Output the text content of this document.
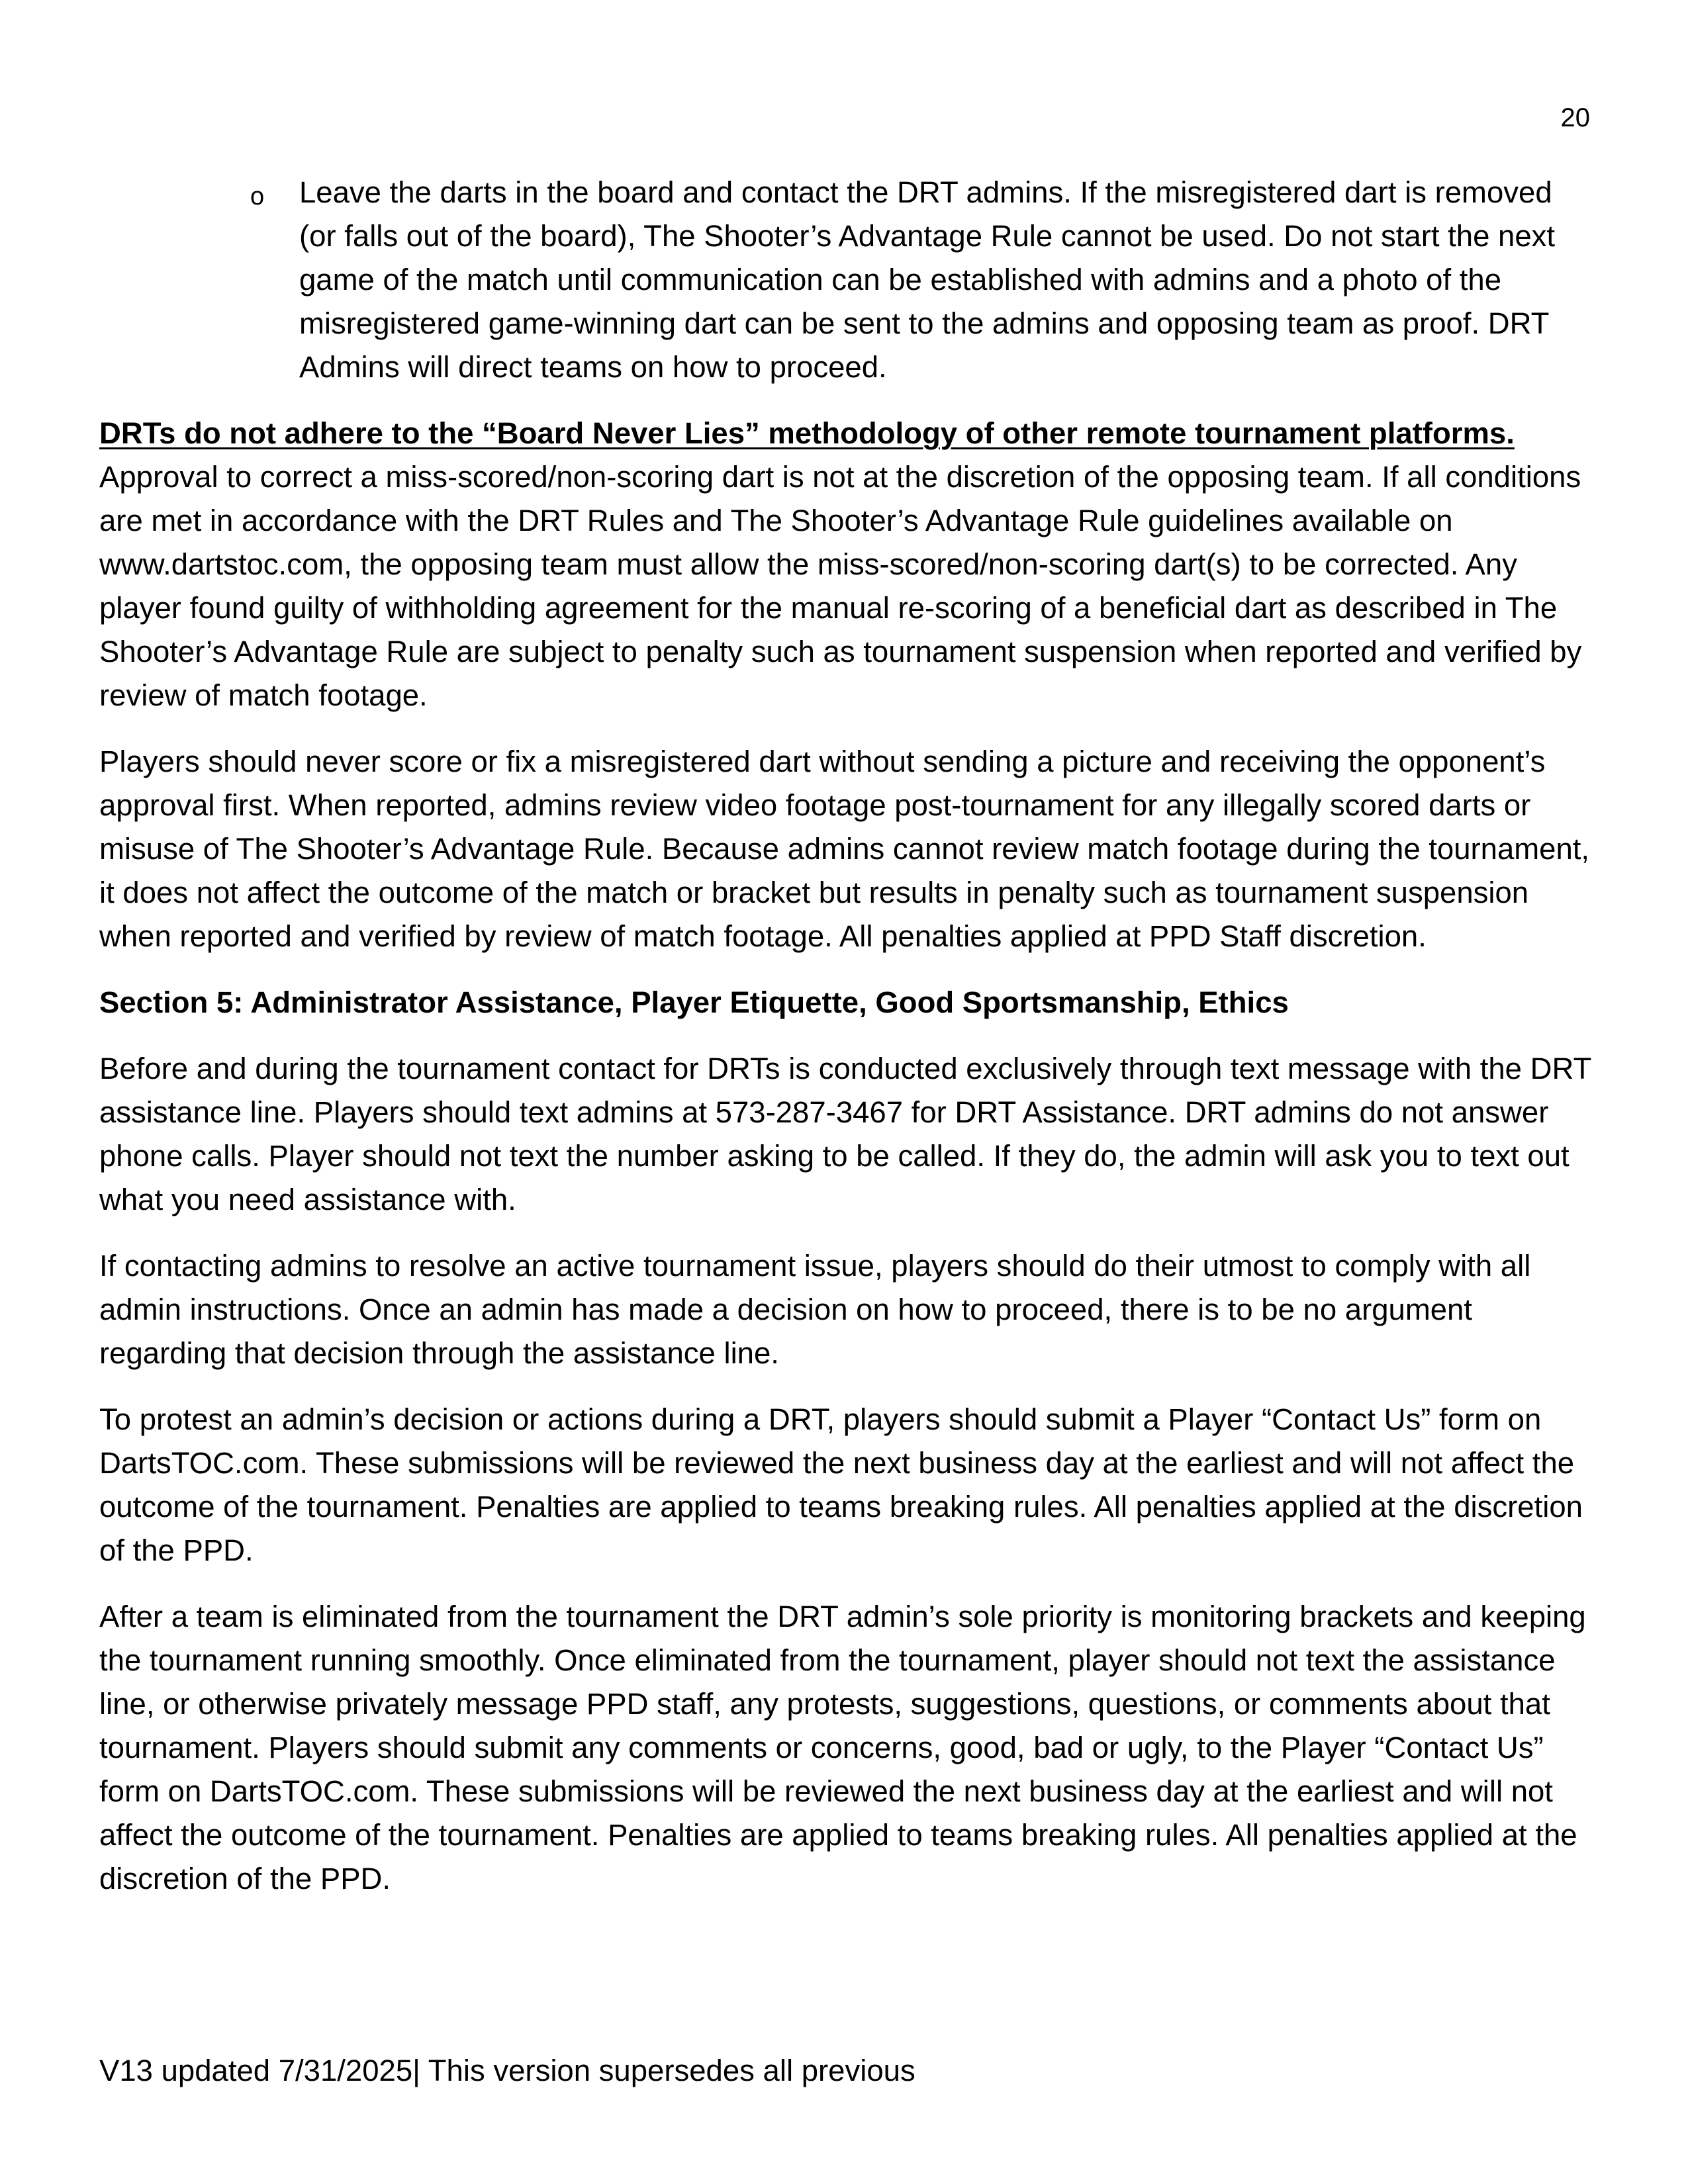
20
o Leave the darts in the board and contact the DRT admins. If the misregistered dart is removed (or falls out of the board), The Shooter’s Advantage Rule cannot be used. Do not start the next game of the match until communication can be established with admins and a photo of the misregistered game-winning dart can be sent to the admins and opposing team as proof. DRT Admins will direct teams on how to proceed.

DRTs do not adhere to the “Board Never Lies” methodology of other remote tournament platforms.
Approval to correct a miss-scored/non-scoring dart is not at the discretion of the opposing team. If all conditions are met in accordance with the DRT Rules and The Shooter’s Advantage Rule guidelines available on www.dartstoc.com, the opposing team must allow the miss-scored/non-scoring dart(s) to be corrected. Any player found guilty of withholding agreement for the manual re-scoring of a beneficial dart as described in The Shooter’s Advantage Rule are subject to penalty such as tournament suspension when reported and verified by review of match footage.

Players should never score or fix a misregistered dart without sending a picture and receiving the opponent’s approval first. When reported, admins review video footage post-tournament for any illegally scored darts or misuse of The Shooter’s Advantage Rule. Because admins cannot review match footage during the tournament, it does not affect the outcome of the match or bracket but results in penalty such as tournament suspension when reported and verified by review of match footage. All penalties applied at PPD Staff discretion.

Section 5: Administrator Assistance, Player Etiquette, Good Sportsmanship, Ethics

Before and during the tournament contact for DRTs is conducted exclusively through text message with the DRT assistance line. Players should text admins at 573-287-3467 for DRT Assistance. DRT admins do not answer phone calls. Player should not text the number asking to be called. If they do, the admin will ask you to text out what you need assistance with.

If contacting admins to resolve an active tournament issue, players should do their utmost to comply with all admin instructions. Once an admin has made a decision on how to proceed, there is to be no argument regarding that decision through the assistance line.

To protest an admin’s decision or actions during a DRT, players should submit a Player “Contact Us” form on DartsTOC.com. These submissions will be reviewed the next business day at the earliest and will not affect the outcome of the tournament. Penalties are applied to teams breaking rules. All penalties applied at the discretion of the PPD.

After a team is eliminated from the tournament the DRT admin’s sole priority is monitoring brackets and keeping the tournament running smoothly. Once eliminated from the tournament, player should not text the assistance line, or otherwise privately message PPD staff, any protests, suggestions, questions, or comments about that tournament. Players should submit any comments or concerns, good, bad or ugly, to the Player “Contact Us” form on DartsTOC.com. These submissions will be reviewed the next business day at the earliest and will not affect the outcome of the tournament. Penalties are applied to teams breaking rules. All penalties applied at the discretion of the PPD.

V13 updated 7/31/2025| This version supersedes all previous
